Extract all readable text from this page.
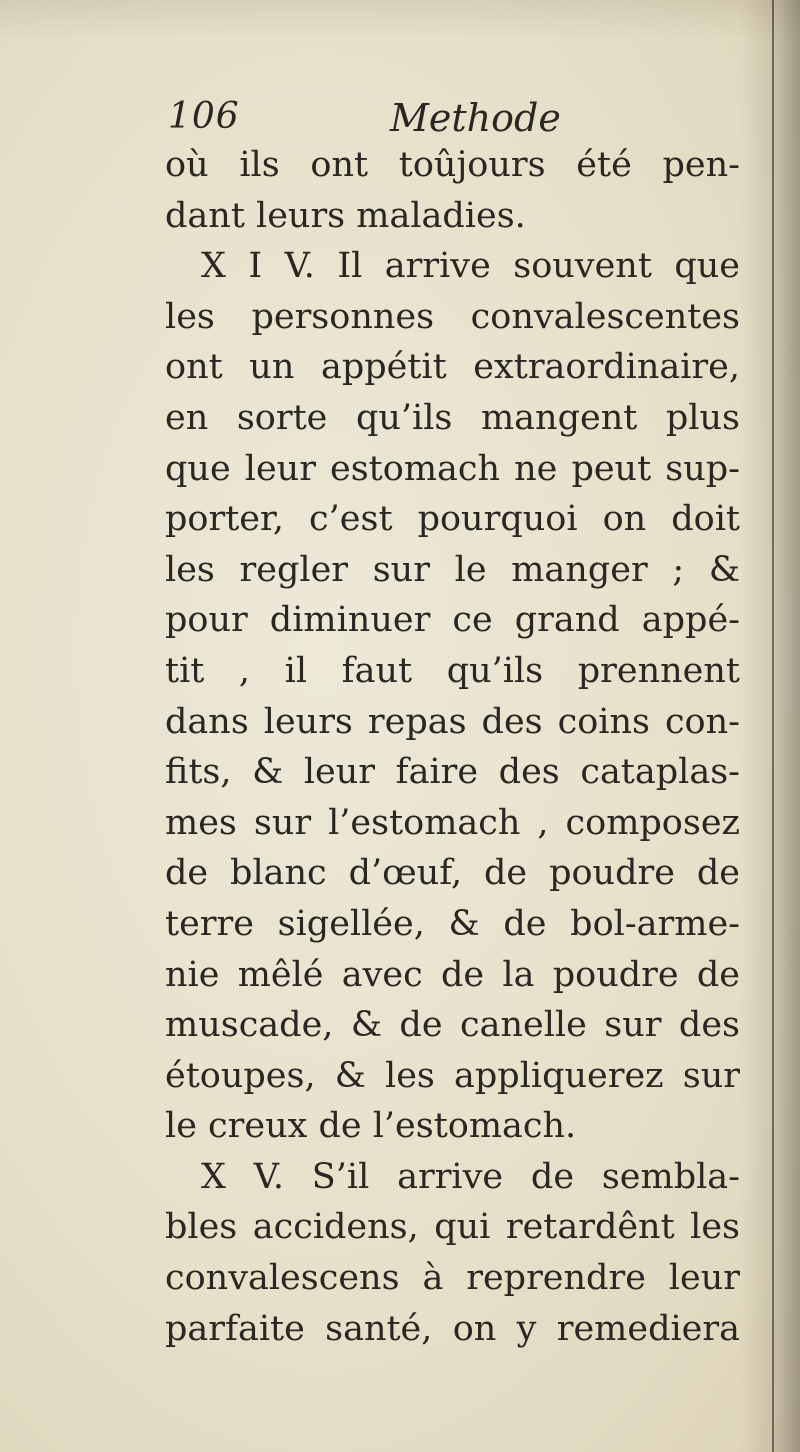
106	Methode
où ils ont toûjours été pen-
dant leurs maladies.
X I V. Il arrive souvent que
les personnes convalescentes
ont un appétit extraordinaire,
en sorte qu’ils mangent plus
que leur estomach ne peut sup-
porter, c’est pourquoi on doit
les regler sur le manger ; &
pour diminuer ce grand appé-
tit , il faut qu’ils prennent
dans leurs repas des coins con-
fits, & leur faire des cataplas-
mes sur l’estomach , composez
de blanc d’œuf, de poudre de
terre sigellée, & de bol-arme-
nie mêlé avec de la poudre de
muscade, & de canelle sur des
étoupes, & les appliquerez sur
le creux de l’estomach.
X V. S’il arrive de sembla-
bles accidens, qui retardênt les
convalescens à reprendre leur
parfaite santé, on y remediera
